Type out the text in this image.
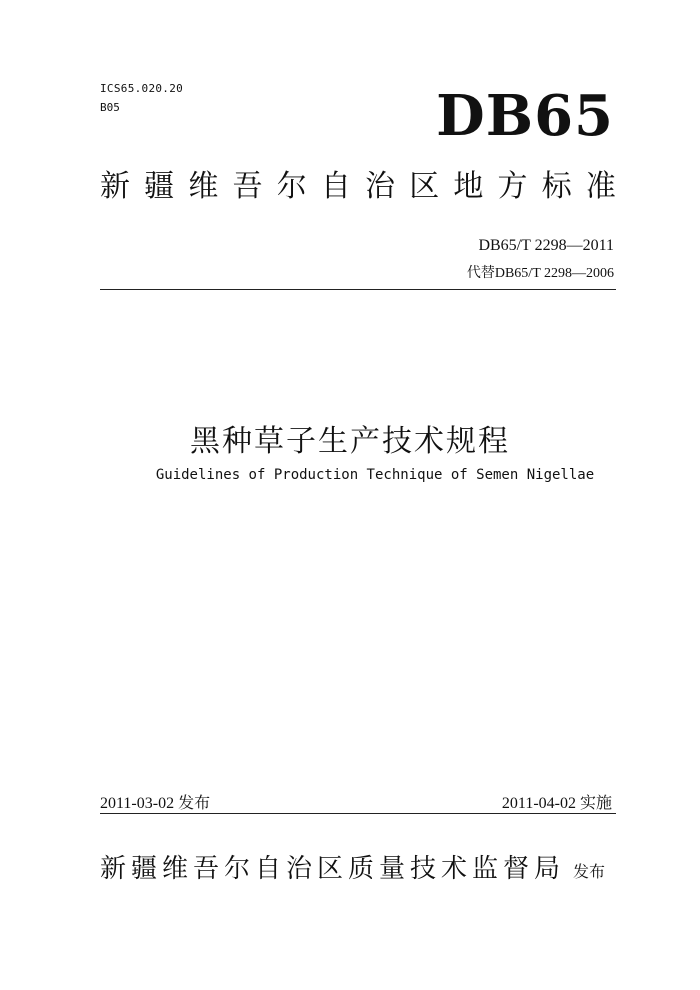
ICS65.020.20
B05	DB65
新 疆 维 吾 尔 自 治 区 地 方 标 准
DB65/T 2298—2011
代替DB65/T 2298—2006
黑种草子生产技术规程
Guidelines of Production Technique of Semen Nigellae
2011-03-02 发布	2011-04-02 实施
新疆维吾尔自治区质量技术监督局 发布
